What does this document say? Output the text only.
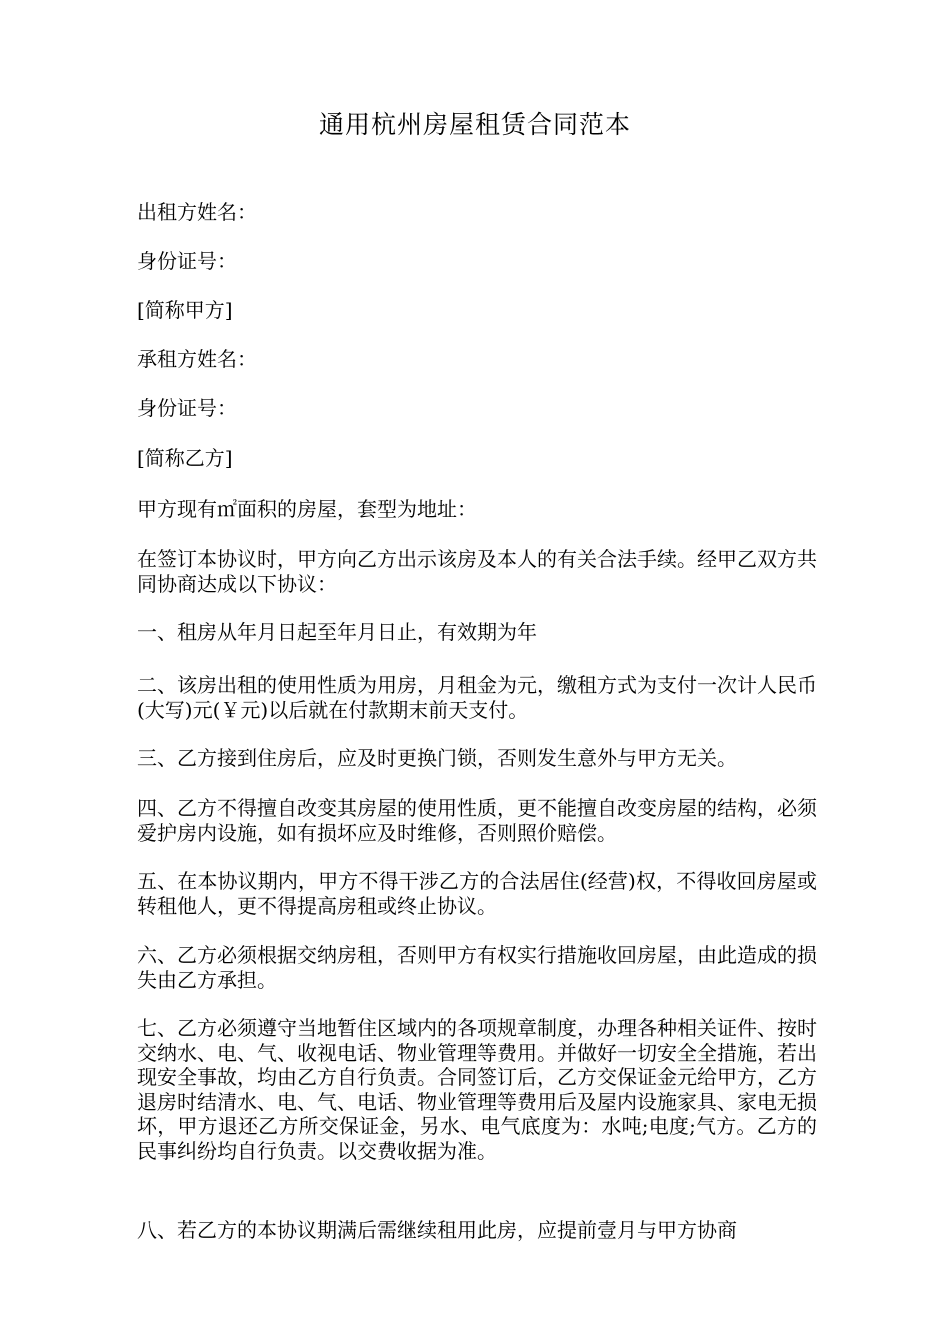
通用杭州房屋租赁合同范本

出租方姓名：

身份证号：

[简称甲方]

承租方姓名：

身份证号：

[简称乙方]

甲方现有㎡面积的房屋，套型为地址：

在签订本协议时，甲方向乙方出示该房及本人的有关合法手续。经甲乙双方共同协商达成以下协议：

一、租房从年月日起至年月日止，有效期为年

二、该房出租的使用性质为用房，月租金为元，缴租方式为支付一次计人民币(大写)元(￥元)以后就在付款期末前天支付。

三、乙方接到住房后，应及时更换门锁，否则发生意外与甲方无关。

四、乙方不得擅自改变其房屋的使用性质，更不能擅自改变房屋的结构，必须爱护房内设施，如有损坏应及时维修，否则照价赔偿。

五、在本协议期内，甲方不得干涉乙方的合法居住(经营)权，不得收回房屋或转租他人，更不得提高房租或终止协议。

六、乙方必须根据交纳房租，否则甲方有权实行措施收回房屋，由此造成的损失由乙方承担。

七、乙方必须遵守当地暂住区域内的各项规章制度，办理各种相关证件、按时交纳水、电、气、收视电话、物业管理等费用。并做好一切安全全措施，若出现安全事故，均由乙方自行负责。合同签订后，乙方交保证金元给甲方，乙方退房时结清水、电、气、电话、物业管理等费用后及屋内设施家具、家电无损坏，甲方退还乙方所交保证金，另水、电气底度为：水吨;电度;气方。乙方的民事纠纷均自行负责。以交费收据为准。

八、若乙方的本协议期满后需继续租用此房，应提前壹月与甲方协商
